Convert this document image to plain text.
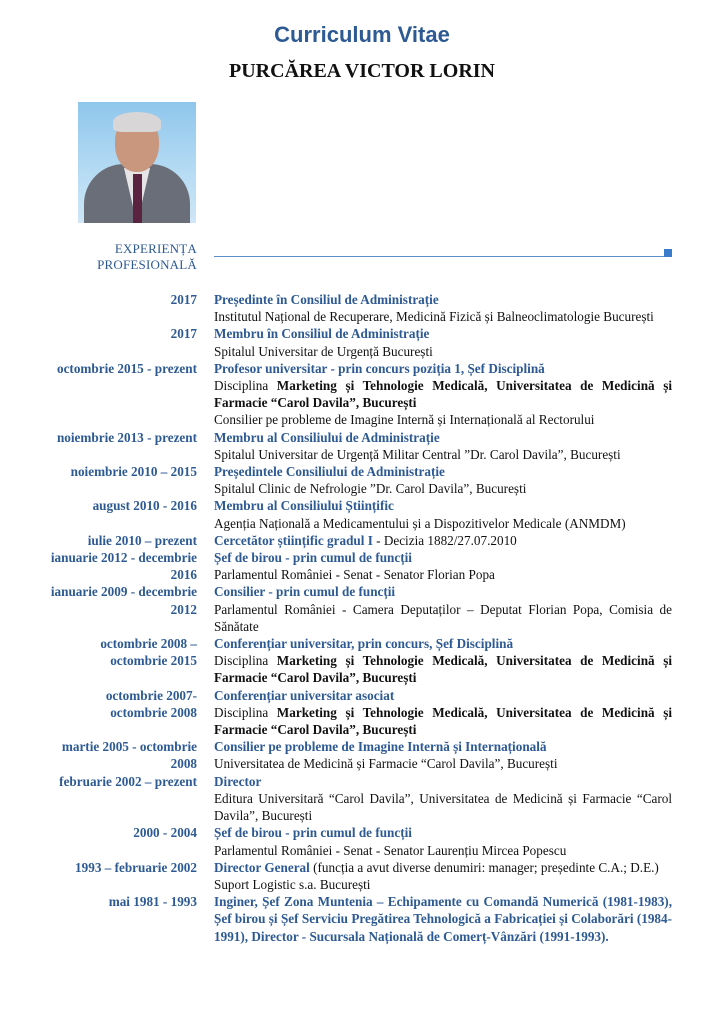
Curriculum Vitae
PURCĂREA VICTOR LORIN
EXPERIENȚA
PROFESIONALĂ
2017 Președinte în Consiliul de Administrație

Institutul Național de Recuperare, Medicină Fizică și Balneoclimatologie București

2017 Membru în Consiliul de Administrație

Spitalul Universitar de Urgență București

octombrie 2015 - prezent Profesor universitar - prin concurs poziția 1, Șef Disciplină

Disciplina Marketing și Tehnologie Medicală, Universitatea de Medicină și Farmacie “Carol Davila”, București

Consilier pe probleme de Imagine Internă și Internațională al Rectorului

noiembrie 2013 - prezent Membru al Consiliului de Administrație

Spitalul Universitar de Urgență Militar Central ”Dr. Carol Davila”, București

noiembrie 2010 – 2015 Președintele Consiliului de Administrație

Spitalul Clinic de Nefrologie ”Dr. Carol Davila”, București

august 2010 - 2016 Membru al Consiliului Științific

Agenția Națională a Medicamentului și a Dispozitivelor Medicale (ANMDM)

iulie 2010 – prezent Cercetător științific gradul I - Decizia 1882/27.07.2010

ianuarie 2012 - decembrie
2016

Șef de birou - prin cumul de funcții

Parlamentul României - Senat - Senator Florian Popa

ianuarie 2009 - decembrie
2012

Consilier - prin cumul de funcții

Parlamentul României - Camera Deputaților – Deputat Florian Popa, Comisia de Sănătate

octombrie 2008 –
octombrie 2015

Conferențiar universitar, prin concurs, Șef Disciplină

Disciplina Marketing și Tehnologie Medicală, Universitatea de Medicină și Farmacie “Carol Davila”, București

octombrie 2007-
octombrie 2008

Conferențiar universitar asociat

Disciplina Marketing și Tehnologie Medicală, Universitatea de Medicină și Farmacie “Carol Davila”, București

martie 2005 - octombrie
2008

Consilier pe probleme de Imagine Internă și Internațională

Universitatea de Medicină și Farmacie “Carol Davila”, București

februarie 2002 – prezent Director

Editura Universitară “Carol Davila”, Universitatea de Medicină și Farmacie “Carol Davila”, București

2000 - 2004 Șef de birou - prin cumul de funcții

Parlamentul României - Senat - Senator Laurențiu Mircea Popescu

1993 – februarie 2002 Director General (funcția a avut diverse denumiri: manager; președinte C.A.; D.E.)

Suport Logistic s.a. București

mai 1981 - 1993 Inginer, Șef Zona Muntenia – Echipamente cu Comandă Numerică (1981-1983), Șef birou și Șef Serviciu Pregătirea Tehnologică a Fabricației și Colaborări (1984-1991), Director - Sucursala Națională de Comerț-Vânzări (1991-1993).
